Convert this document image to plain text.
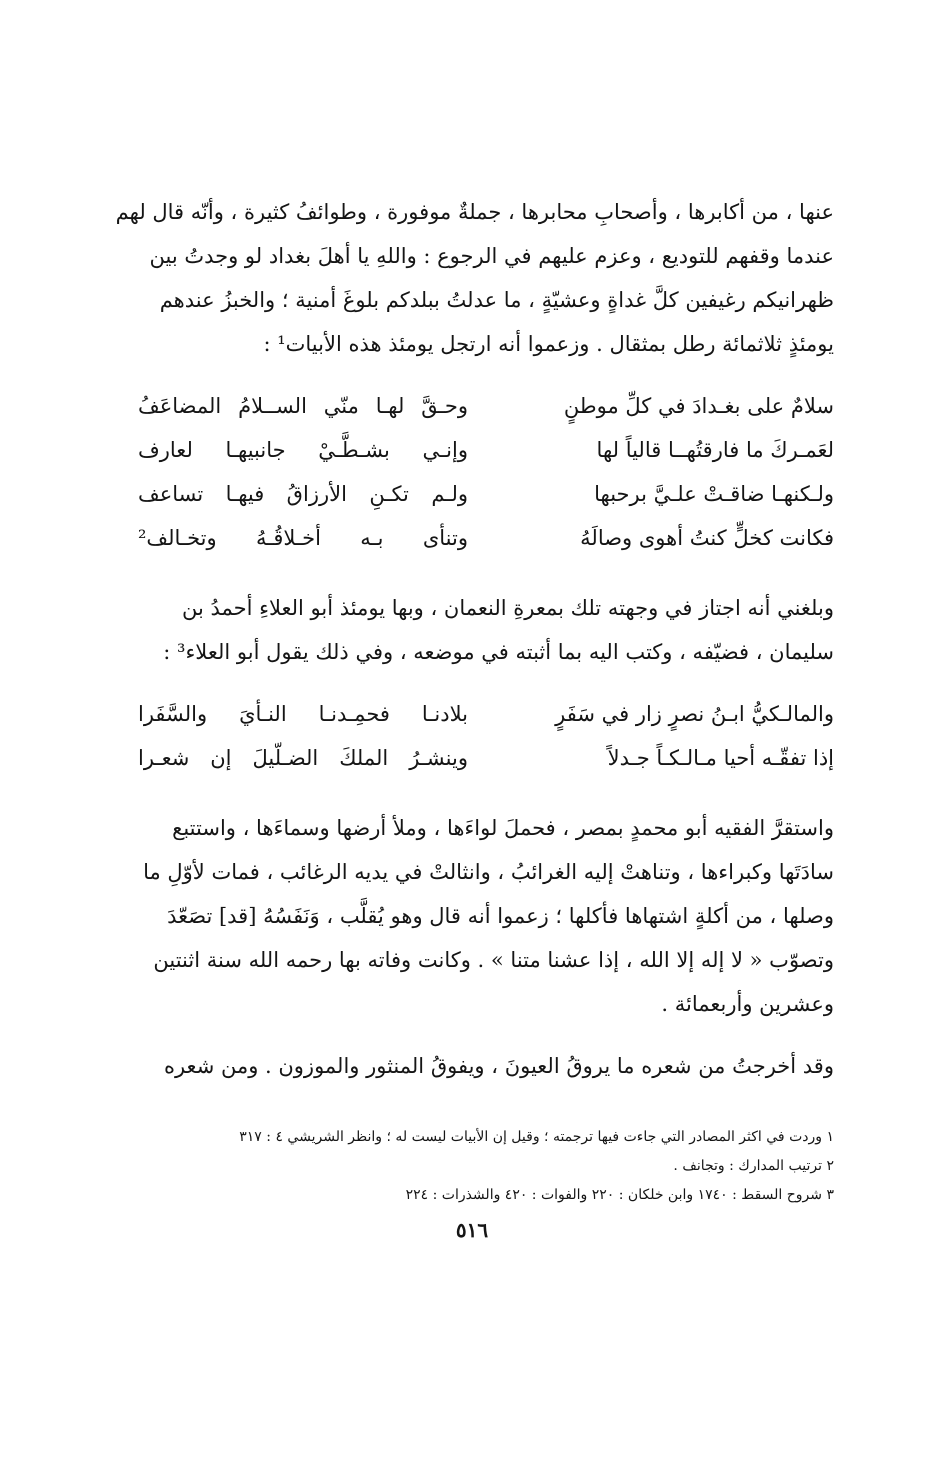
عنها ، من أكابرها ، وأصحابِ محابرها ، جملةٌ موفورة ، وطوائفُ كثيرة ، وأنّه قال لهم
عندما وقفهم للتوديع ، وعزم عليهم في الرجوع : واللهِ يا أهلَ بغداد لو وجدتُ بين
ظهرانيكم رغيفين كلَّ غداةٍ وعشيّةٍ ، ما عدلتُ ببلدكم بلوغَ أمنية ؛ والخبزُ عندهم
يومئذٍ ثلاثمائة رطل بمثقال . وزعموا أنه ارتجل يومئذ هذه الأبيات¹ :

سلامٌ على بغـدادَ في كلِّ موطنٍ
وحـقَّ لهـا منّي الســلامُ المضاعَفُ
لعَمـركَ ما فارقتُهــا قالياً لها
وإنـي بشـطَّـيْ جانبيهـا لعارف
ولـكنهـا ضاقـتْ علـيَّ برحبها
ولـم تكـنِ الأرزاقُ فيهـا تساعف
فكانت كخلٍّ كنتُ أهوى وصالَهُ
وتنأى بـه أخـلاقُـهُ وتخـالف²

وبلغني أنه اجتاز في وجهته تلك بمعرةِ النعمان ، وبها يومئذ أبو العلاءِ أحمدُ بن
سليمان ، فضيّفه ، وكتب اليه بما أثبته في موضعه ، وفي ذلك يقول أبو العلاء³ :

والمالـكيُّ ابـنُ نصرٍ زار في سَفَرٍ
بلادنـا فحمِـدنـا النـأيَ والسَّفَرا
إذا تفقّـه أحيا مـالـكـاً جـدلاً
وينشـرُ الملكَ الضـلّيلَ إن شعـرا

واستقرَّ الفقيه أبو محمدٍ بمصر ، فحملَ لواءَها ، وملأ أرضها وسماءَها ، واستتبع
سادَتَها وكبراءها ، وتناهتْ إليه الغرائبُ ، وانثالتْ في يديه الرغائب ، فمات لأوّلِ ما
وصلها ، من أكلةٍ اشتهاها فأكلها ؛ زعموا أنه قال وهو يُقلَّب ، وَنَفَسُهُ [قد] تصَعّدَ
وتصوّب « لا إله إلا الله ، إذا عشنا متنا » . وكانت وفاته بها رحمه الله سنة اثنتين
وعشرين وأربعمائة .

وقد أخرجتُ من شعره ما يروقُ العيونَ ، ويفوقُ المنثور والموزون . ومن شعره

١ وردت في اكثر المصادر التي جاءت فيها ترجمته ؛ وقيل إن الأبيات ليست له ؛ وانظر الشريشي ٤ : ٣١٧
٢ ترتيب المدارك : وتجانف .
٣ شروح السقط : ١٧٤٠ وابن خلكان : ٢٢٠ والفوات : ٤٢٠ والشذرات : ٢٢٤
٥١٦
